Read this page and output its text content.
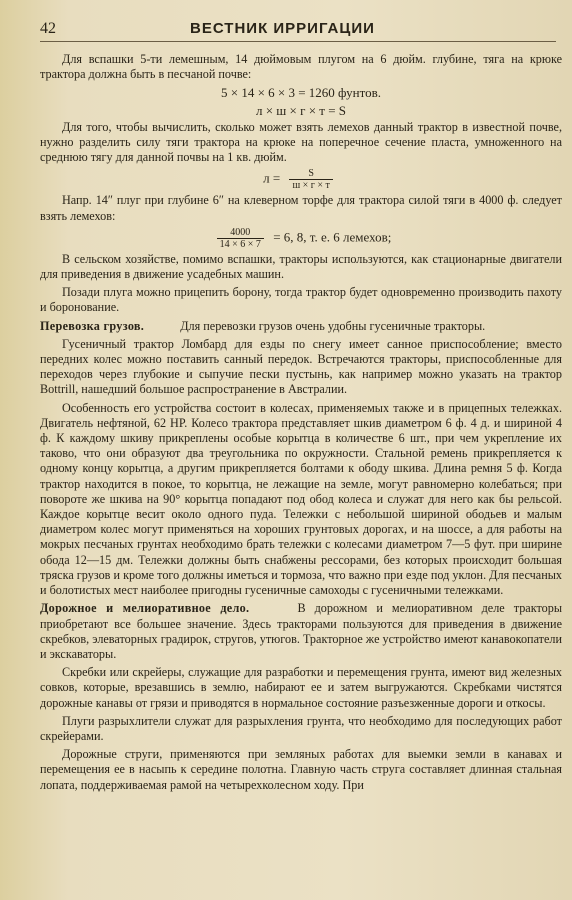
42	ВЕСТНИК ИРРИГАЦИИ

Для вспашки 5-ти лемешным, 14 дюймовым плугом на 6 дюйм. глубине, тяга на крюке трактора должна быть в песчаной почве:

5 × 14 × 6 × 3 = 1260 фунтов.
л × ш × г × т = S

Для того, чтобы вычислить, сколько может взять лемехов данный трактор в известной почве, нужно разделить силу тяги трактора на крюке на поперечное сечение пласта, умноженного на среднюю тягу для данной почвы на 1 кв. дюйм.

$л = \frac{S}{ш \times г \times т}$

Напр. 14″ плуг при глубине 6″ на клеверном торфе для трактора силой тяги в 4000 ф. следует взять лемехов:

$\frac{4000}{14 \times 6 \times 7} = 6$, 8, т. е. 6 лемехов;

В сельском хозяйстве, помимо вспашки, тракторы используются, как стационарные двигатели для приведения в движение усадебных машин.

Позади плуга можно прицепить борону, тогда трактор будет одновременно производить пахоту и боронование.

Перевозка грузов.	Для перевозки грузов очень удобны гусеничные тракторы.

Гусеничный трактор Ломбард для езды по снегу имеет санное приспособление; вместо передних колес можно поставить санный передок. Встречаются тракторы, приспособленные для переходов через глубокие и сыпучие пески пустынь, как например можно указать на трактор Bottrill, нашедший большое распространение в Австралии.

Особенность его устройства состоит в колесах, применяемых также и в прицепных тележках. Двигатель нефтяной, 62 HP. Колесо трактора представляет шкив диаметром 6 ф. 4 д. и шириной 4 ф. К каждому шкиву прикреплены особые корытца в количестве 6 шт., при чем укрепление их таково, что они образуют два треугольника по окружности. Стальной ремень прикрепляется к одному концу корытца, а другим прикрепляется болтами к ободу шкива. Длина ремня 5 ф. Когда трактор находится в покое, то корытца, не лежащие на земле, могут равномерно колебаться; при повороте же шкива на 90° корытца попадают под обод колеса и служат для него как бы рельсой. Каждое корытце весит около одного пуда. Тележки с небольшой шириной ободьев и малым диаметром колес могут применяться на хороших грунтовых дорогах, и на шоссе, а для работы на мокрых песчаных грунтах необходимо брать тележки с колесами диаметром 7—5 фут. при ширине обода 12—15 дм. Тележки должны быть снабжены рессорами, без которых происходит большая тряска грузов и кроме того должны иметься и тормоза, что важно при езде под уклон. Для песчаных и болотистых мест наиболее пригодны гусеничные самоходы с гусеничными тележками.

Дорожное и мелиоративное дело.	В дорожном и мелиоративном деле тракторы приобретают все большее значение. Здесь тракторами пользуются для приведения в движение скребков, элеваторных градирок, стругов, утюгов. Тракторное же устройство имеют канавокопатели и экскаваторы.

Скребки или скрейеры, служащие для разработки и перемещения грунта, имеют вид железных совков, которые, врезавшись в землю, набирают ее и затем выгружаются. Скребками чистятся дорожные канавы от грязи и приводятся в нормальное состояние разъезженные дороги и откосы.

Плуги разрыхлители служат для разрыхления грунта, что необходимо для последующих работ скрейерами.

Дорожные струги, применяются при земляных работах для выемки земли в канавах и перемещения ее в насыпь к середине полотна. Главную часть струга составляет длинная стальная лопата, поддерживаемая рамой на четырехколесном ходу. При
